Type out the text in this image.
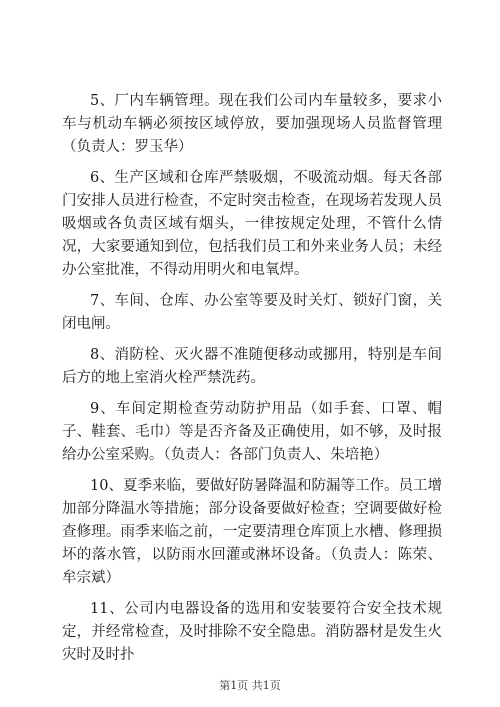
5、厂内车辆管理。现在我们公司内车量较多，要求小车与机动车辆必须按区域停放，要加强现场人员监督管理（负责人：罗玉华）

6、生产区域和仓库严禁吸烟，不吸流动烟。每天各部门安排人员进行检查，不定时突击检查，在现场若发现人员吸烟或各负责区域有烟头，一律按规定处理，不管什么情况，大家要通知到位，包括我们员工和外来业务人员；未经办公室批准，不得动用明火和电氧焊。

7、车间、仓库、办公室等要及时关灯、锁好门窗，关闭电闸。

8、消防栓、灭火器不准随便移动或挪用，特别是车间后方的地上室消火栓严禁洗药。

9、车间定期检查劳动防护用品（如手套、口罩、帽子、鞋套、毛巾）等是否齐备及正确使用，如不够，及时报给办公室采购。（负责人：各部门负责人、朱培艳）

10、夏季来临，要做好防暑降温和防漏等工作。员工增加部分降温水等措施；部分设备要做好检查；空调要做好检查修理。雨季来临之前，一定要清理仓库顶上水槽、修理损坏的落水管，以防雨水回灌或淋坏设备。（负责人：陈荣、牟宗斌）

11、公司内电器设备的选用和安装要符合安全技术规定，并经常检查，及时排除不安全隐患。消防器材是发生火灾时及时扑

第1页 共1页
